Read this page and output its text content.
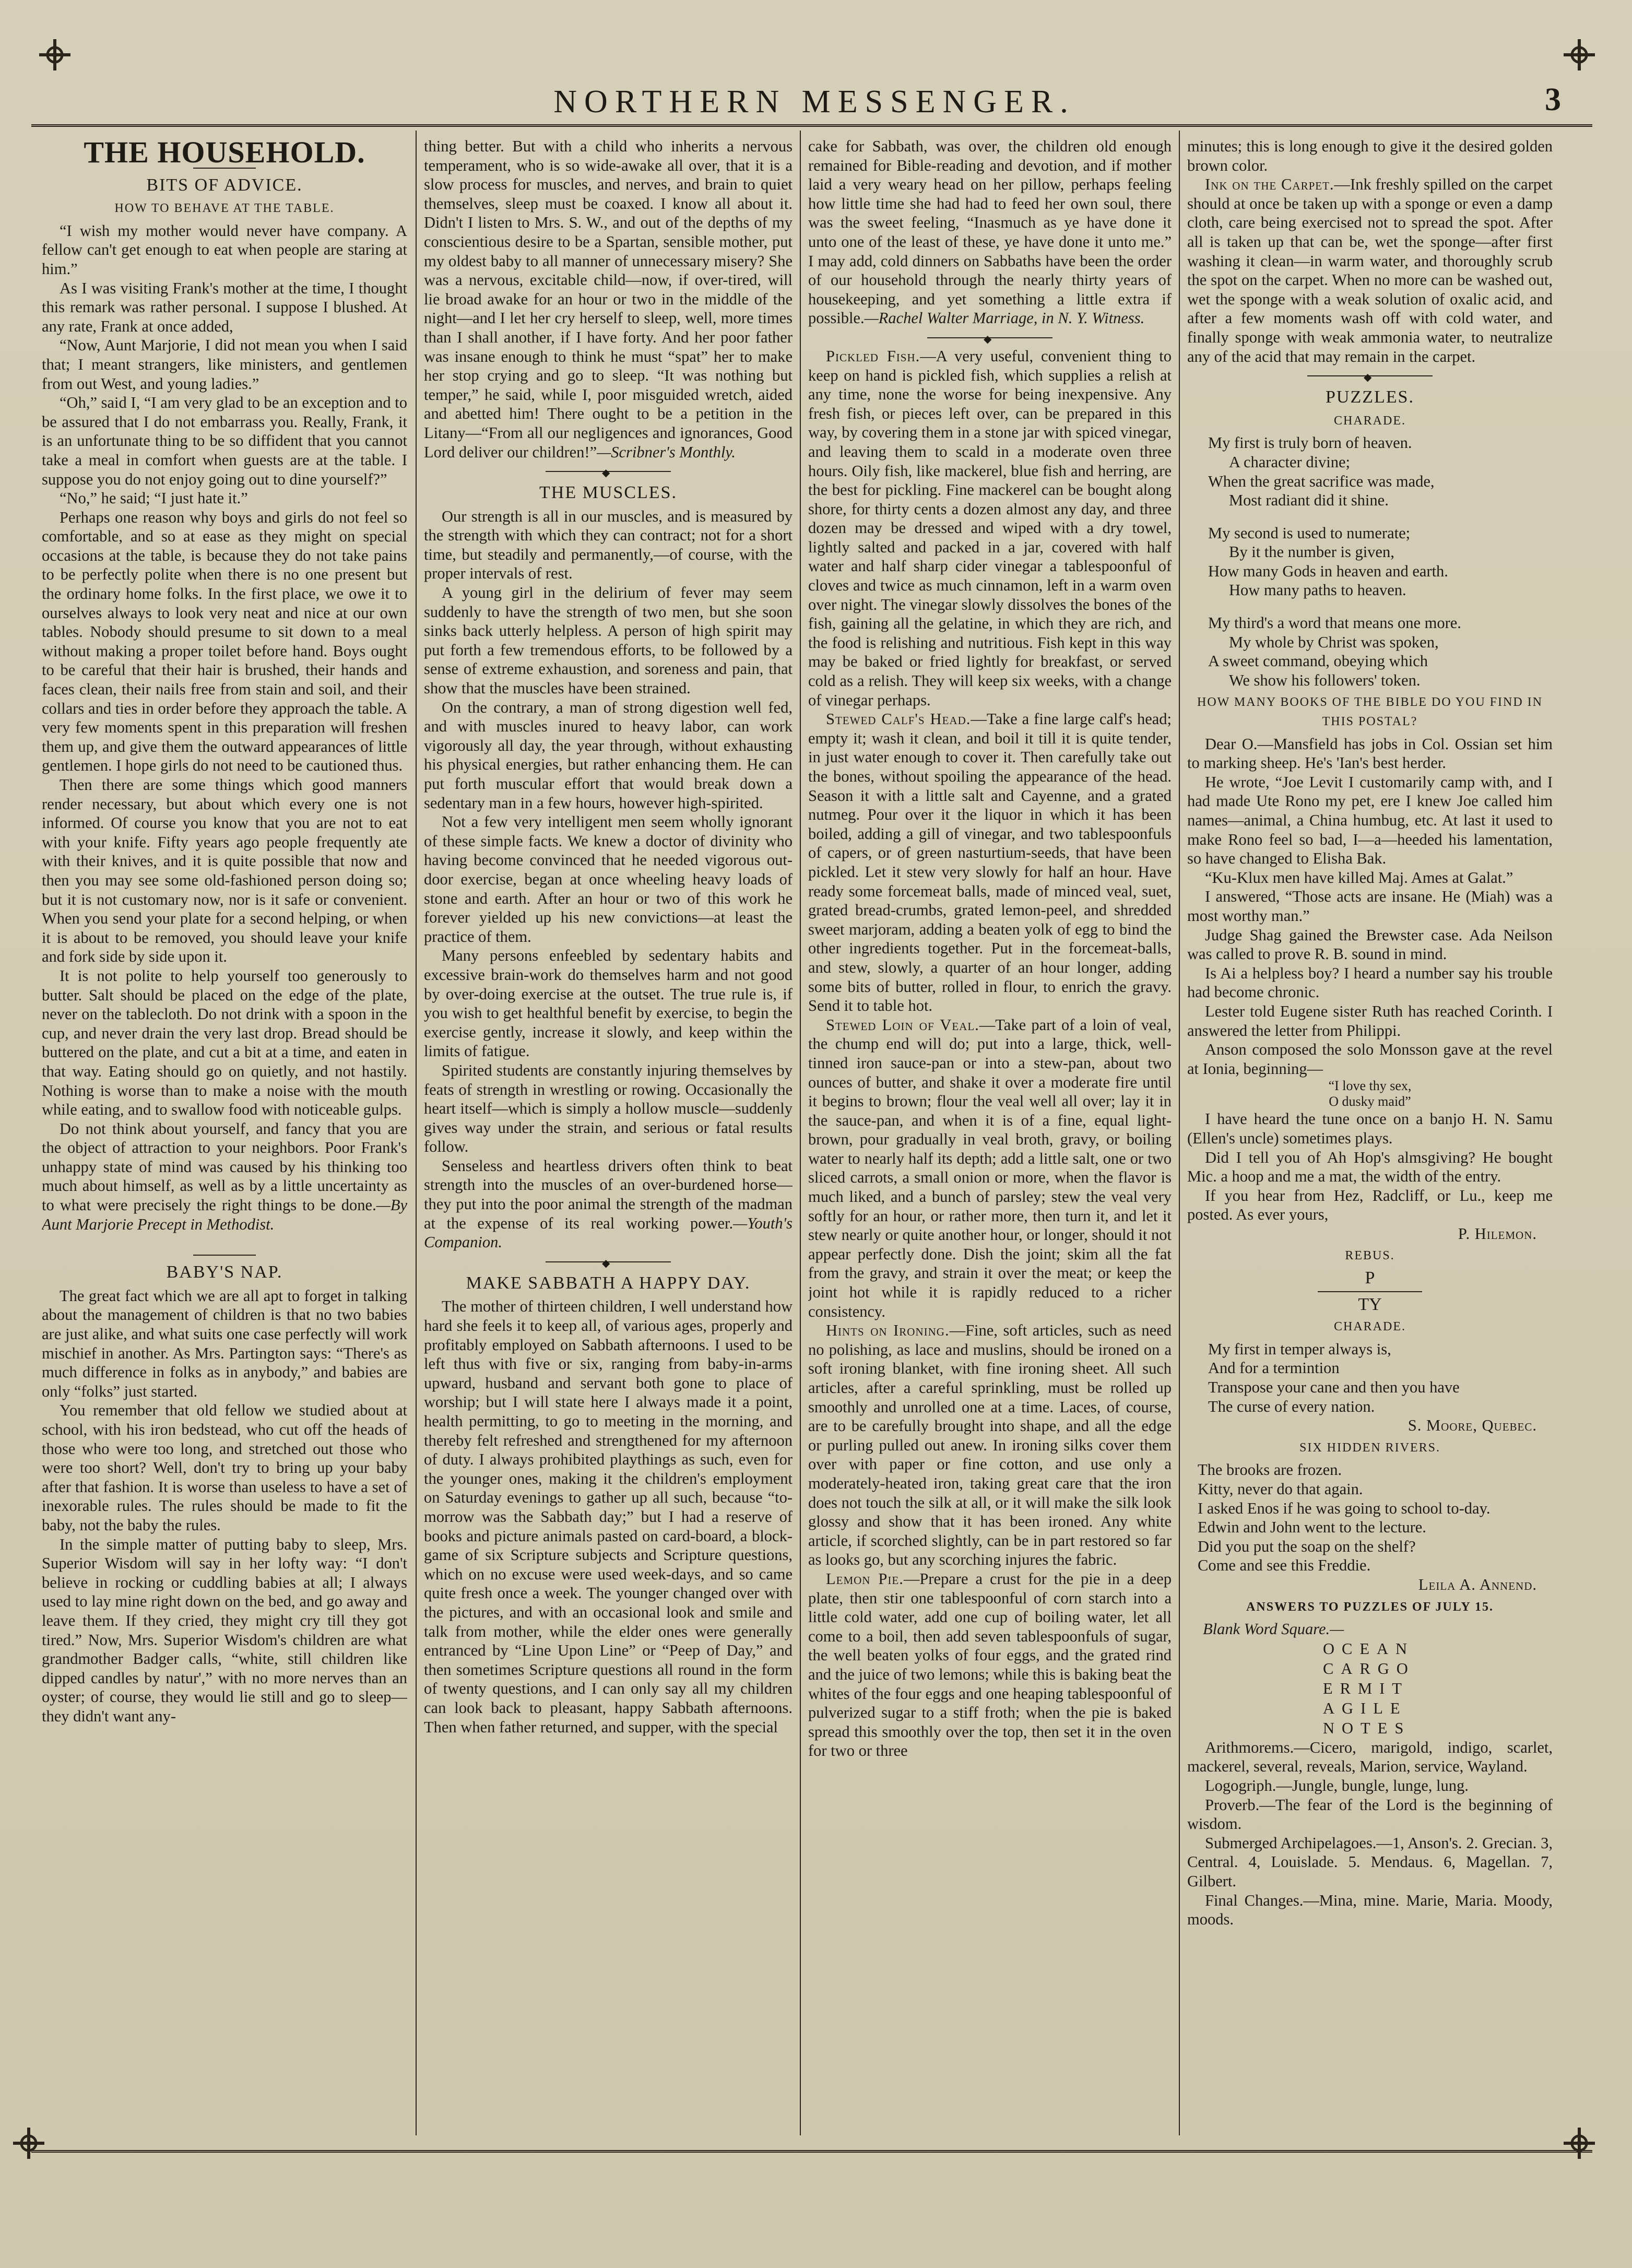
NORTHERN MESSENGER.	3
THE HOUSEHOLD.
BITS OF ADVICE.
HOW TO BEHAVE AT THE TABLE.

“I wish my mother would never have company. A fellow can't get enough to eat when people are staring at him.”

As I was visiting Frank's mother at the time, I thought this remark was rather personal. I suppose I blushed. At any rate, Frank at once added,

“Now, Aunt Marjorie, I did not mean you when I said that; I meant strangers, like ministers, and gentlemen from out West, and young ladies.”

“Oh,” said I, “I am very glad to be an exception and to be assured that I do not embarrass you. Really, Frank, it is an unfortunate thing to be so diffident that you cannot take a meal in comfort when guests are at the table. I suppose you do not enjoy going out to dine yourself?”

“No,” he said; “I just hate it.”

Perhaps one reason why boys and girls do not feel so comfortable, and so at ease as they might on special occasions at the table, is because they do not take pains to be perfectly polite when there is no one present but the ordinary home folks. In the first place, we owe it to ourselves always to look very neat and nice at our own tables. Nobody should presume to sit down to a meal without making a proper toilet before hand. Boys ought to be careful that their hair is brushed, their hands and faces clean, their nails free from stain and soil, and their collars and ties in order before they approach the table. A very few moments spent in this preparation will freshen them up, and give them the outward appearances of little gentlemen. I hope girls do not need to be cautioned thus.

Then there are some things which good manners render necessary, but about which every one is not informed. Of course you know that you are not to eat with your knife. Fifty years ago people frequently ate with their knives, and it is quite possible that now and then you may see some old-fashioned person doing so; but it is not customary now, nor is it safe or convenient. When you send your plate for a second helping, or when it is about to be removed, you should leave your knife and fork side by side upon it.

It is not polite to help yourself too generously to butter. Salt should be placed on the edge of the plate, never on the tablecloth. Do not drink with a spoon in the cup, and never drain the very last drop. Bread should be buttered on the plate, and cut a bit at a time, and eaten in that way. Eating should go on quietly, and not hastily. Nothing is worse than to make a noise with the mouth while eating, and to swallow food with noticeable gulps.

Do not think about yourself, and fancy that you are the object of attraction to your neighbors. Poor Frank's unhappy state of mind was caused by his thinking too much about himself, as well as by a little uncertainty as to what were precisely the right things to be done.—By Aunt Marjorie Precept in Methodist.

BABY'S NAP.

The great fact which we are all apt to forget in talking about the management of children is that no two babies are just alike, and what suits one case perfectly will work mischief in another. As Mrs. Partington says: “There's as much difference in folks as in anybody,” and babies are only “folks” just started.

You remember that old fellow we studied about at school, with his iron bedstead, who cut off the heads of those who were too long, and stretched out those who were too short? Well, don't try to bring up your baby after that fashion. It is worse than useless to have a set of inexorable rules. The rules should be made to fit the baby, not the baby the rules.

In the simple matter of putting baby to sleep, Mrs. Superior Wisdom will say in her lofty way: “I don't believe in rocking or cuddling babies at all; I always used to lay mine right down on the bed, and go away and leave them. If they cried, they might cry till they got tired.” Now, Mrs. Superior Wisdom's children are what grandmother Badger calls, “white, still children like dipped candles by natur',” with no more nerves than an oyster; of course, they would lie still and go to sleep—they didn't want any-

thing better. But with a child who inherits a nervous temperament, who is so wide-awake all over, that it is a slow process for muscles, and nerves, and brain to quiet themselves, sleep must be coaxed. I know all about it. Didn't I listen to Mrs. S. W., and out of the depths of my conscientious desire to be a Spartan, sensible mother, put my oldest baby to all manner of unnecessary misery? She was a nervous, excitable child—now, if over-tired, will lie broad awake for an hour or two in the middle of the night—and I let her cry herself to sleep, well, more times than I shall another, if I have forty. And her poor father was insane enough to think he must “spat” her to make her stop crying and go to sleep. “It was nothing but temper,” he said, while I, poor misguided wretch, aided and abetted him! There ought to be a petition in the Litany—“From all our negligences and ignorances, Good Lord deliver our children!”—Scribner's Monthly.

◆
THE MUSCLES.

Our strength is all in our muscles, and is measured by the strength with which they can contract; not for a short time, but steadily and permanently,—of course, with the proper intervals of rest.

A young girl in the delirium of fever may seem suddenly to have the strength of two men, but she soon sinks back utterly helpless. A person of high spirit may put forth a few tremendous efforts, to be followed by a sense of extreme exhaustion, and soreness and pain, that show that the muscles have been strained.

On the contrary, a man of strong digestion well fed, and with muscles inured to heavy labor, can work vigorously all day, the year through, without exhausting his physical energies, but rather enhancing them. He can put forth muscular effort that would break down a sedentary man in a few hours, however high-spirited.

Not a few very intelligent men seem wholly ignorant of these simple facts. We knew a doctor of divinity who having become convinced that he needed vigorous out-door exercise, began at once wheeling heavy loads of stone and earth. After an hour or two of this work he forever yielded up his new convictions—at least the practice of them.

Many persons enfeebled by sedentary habits and excessive brain-work do themselves harm and not good by over-doing exercise at the outset. The true rule is, if you wish to get healthful benefit by exercise, to begin the exercise gently, increase it slowly, and keep within the limits of fatigue.

Spirited students are constantly injuring themselves by feats of strength in wrestling or rowing. Occasionally the heart itself—which is simply a hollow muscle—suddenly gives way under the strain, and serious or fatal results follow.

Senseless and heartless drivers often think to beat strength into the muscles of an over-burdened horse—they put into the poor animal the strength of the madman at the expense of its real working power.—Youth's Companion.

◆
MAKE SABBATH A HAPPY DAY.

The mother of thirteen children, I well understand how hard she feels it to keep all, of various ages, properly and profitably employed on Sabbath afternoons. I used to be left thus with five or six, ranging from baby-in-arms upward, husband and servant both gone to place of worship; but I will state here I always made it a point, health permitting, to go to meeting in the morning, and thereby felt refreshed and strengthened for my afternoon of duty. I always prohibited playthings as such, even for the younger ones, making it the children's employment on Saturday evenings to gather up all such, because “to-morrow was the Sabbath day;” but I had a reserve of books and picture animals pasted on card-board, a block-game of six Scripture subjects and Scripture questions, which on no excuse were used week-days, and so came quite fresh once a week. The younger changed over with the pictures, and with an occasional look and smile and talk from mother, while the elder ones were generally entranced by “Line Upon Line” or “Peep of Day,” and then sometimes Scripture questions all round in the form of twenty questions, and I can only say all my children can look back to pleasant, happy Sabbath afternoons. Then when father returned, and supper, with the special

cake for Sabbath, was over, the children old enough remained for Bible-reading and devotion, and if mother laid a very weary head on her pillow, perhaps feeling how little time she had had to feed her own soul, there was the sweet feeling, “Inasmuch as ye have done it unto one of the least of these, ye have done it unto me.” I may add, cold dinners on Sabbaths have been the order of our household through the nearly thirty years of housekeeping, and yet something a little extra if possible.—Rachel Walter Marriage, in N. Y. Witness.

◆

Pickled Fish.—A very useful, convenient thing to keep on hand is pickled fish, which supplies a relish at any time, none the worse for being inexpensive. Any fresh fish, or pieces left over, can be prepared in this way, by covering them in a stone jar with spiced vinegar, and leaving them to scald in a moderate oven three hours. Oily fish, like mackerel, blue fish and herring, are the best for pickling. Fine mackerel can be bought along shore, for thirty cents a dozen almost any day, and three dozen may be dressed and wiped with a dry towel, lightly salted and packed in a jar, covered with half water and half sharp cider vinegar a tablespoonful of cloves and twice as much cinnamon, left in a warm oven over night. The vinegar slowly dissolves the bones of the fish, gaining all the gelatine, in which they are rich, and the food is relishing and nutritious. Fish kept in this way may be baked or fried lightly for breakfast, or served cold as a relish. They will keep six weeks, with a change of vinegar perhaps.

Stewed Calf's Head.—Take a fine large calf's head; empty it; wash it clean, and boil it till it is quite tender, in just water enough to cover it. Then carefully take out the bones, without spoiling the appearance of the head. Season it with a little salt and Cayenne, and a grated nutmeg. Pour over it the liquor in which it has been boiled, adding a gill of vinegar, and two tablespoonfuls of capers, or of green nasturtium-seeds, that have been pickled. Let it stew very slowly for half an hour. Have ready some forcemeat balls, made of minced veal, suet, grated bread-crumbs, grated lemon-peel, and shredded sweet marjoram, adding a beaten yolk of egg to bind the other ingredients together. Put in the forcemeat-balls, and stew, slowly, a quarter of an hour longer, adding some bits of butter, rolled in flour, to enrich the gravy. Send it to table hot.

Stewed Loin of Veal.—Take part of a loin of veal, the chump end will do; put into a large, thick, well-tinned iron sauce-pan or into a stew-pan, about two ounces of butter, and shake it over a moderate fire until it begins to brown; flour the veal well all over; lay it in the sauce-pan, and when it is of a fine, equal light-brown, pour gradually in veal broth, gravy, or boiling water to nearly half its depth; add a little salt, one or two sliced carrots, a small onion or more, when the flavor is much liked, and a bunch of parsley; stew the veal very softly for an hour, or rather more, then turn it, and let it stew nearly or quite another hour, or longer, should it not appear perfectly done. Dish the joint; skim all the fat from the gravy, and strain it over the meat; or keep the joint hot while it is rapidly reduced to a richer consistency.

Hints on Ironing.—Fine, soft articles, such as need no polishing, as lace and muslins, should be ironed on a soft ironing blanket, with fine ironing sheet. All such articles, after a careful sprinkling, must be rolled up smoothly and unrolled one at a time. Laces, of course, are to be carefully brought into shape, and all the edge or purling pulled out anew. In ironing silks cover them over with paper or fine cotton, and use only a moderately-heated iron, taking great care that the iron does not touch the silk at all, or it will make the silk look glossy and show that it has been ironed. Any white article, if scorched slightly, can be in part restored so far as looks go, but any scorching injures the fabric.

Lemon Pie.—Prepare a crust for the pie in a deep plate, then stir one tablespoonful of corn starch into a little cold water, add one cup of boiling water, let all come to a boil, then add seven tablespoonfuls of sugar, the well beaten yolks of four eggs, and the grated rind and the juice of two lemons; while this is baking beat the whites of the four eggs and one heaping tablespoonful of pulverized sugar to a stiff froth; when the pie is baked spread this smoothly over the top, then set it in the oven for two or three

minutes; this is long enough to give it the desired golden brown color.

Ink on the Carpet.—Ink freshly spilled on the carpet should at once be taken up with a sponge or even a damp cloth, care being exercised not to spread the spot. After all is taken up that can be, wet the sponge—after first washing it clean—in warm water, and thoroughly scrub the spot on the carpet. When no more can be washed out, wet the sponge with a weak solution of oxalic acid, and after a few moments wash off with cold water, and finally sponge with weak ammonia water, to neutralize any of the acid that may remain in the carpet.

◆
PUZZLES.
CHARADE.
My first is truly born of heaven.
A character divine;
When the great sacrifice was made,
Most radiant did it shine.
My second is used to numerate;
By it the number is given,
How many Gods in heaven and earth.
How many paths to heaven.
My third's a word that means one more.
My whole by Christ was spoken,
A sweet command, obeying which
We show his followers' token.
HOW MANY BOOKS OF THE BIBLE DO YOU FIND IN THIS POSTAL?

Dear O.—Mansfield has jobs in Col. Ossian set him to marking sheep. He's 'Ian's best herder.

He wrote, “Joe Levit I customarily camp with, and I had made Ute Rono my pet, ere I knew Joe called him names—animal, a China humbug, etc. At last it used to make Rono feel so bad, I—a—heeded his lamentation, so have changed to Elisha Bak.

“Ku-Klux men have killed Maj. Ames at Galat.”

I answered, “Those acts are insane. He (Miah) was a most worthy man.”

Judge Shag gained the Brewster case. Ada Neilson was called to prove R. B. sound in mind.

Is Ai a helpless boy? I heard a number say his trouble had become chronic.

Lester told Eugene sister Ruth has reached Corinth. I answered the letter from Philippi.

Anson composed the solo Monsson gave at the revel at Ionia, beginning—

“I love thy sex,
O dusky maid”

I have heard the tune once on a banjo H. N. Samu (Ellen's uncle) sometimes plays.

Did I tell you of Ah Hop's almsgiving? He bought Mic. a hoop and me a mat, the width of the entry.

If you hear from Hez, Radcliff, or Lu., keep me posted. As ever yours,

P. Hilemon.
REBUS.
P
TY
CHARADE.
My first in temper always is,
And for a termintion
Transpose your cane and then you have
The curse of every nation.
S. Moore, Quebec.
SIX HIDDEN RIVERS.
The brooks are frozen.
Kitty, never do that again.
I asked Enos if he was going to school to-day.
Edwin and John went to the lecture.
Did you put the soap on the shelf?
Come and see this Freddie.
Leila A. Annend.
ANSWERS TO PUZZLES OF JULY 15.
Blank Word Square.—
OCEAN
CARGO
ERMIT
AGILE
NOTES

Arithmorems.—Cicero, marigold, indigo, scarlet, mackerel, several, reveals, Marion, service, Wayland.

Logogriph.—Jungle, bungle, lunge, lung.

Proverb.—The fear of the Lord is the beginning of wisdom.

Submerged Archipelagoes.—1, Anson's. 2. Grecian. 3, Central. 4, Louislade. 5. Mendaus. 6, Magellan. 7, Gilbert.

Final Changes.—Mina, mine. Marie, Maria. Moody, moods.
